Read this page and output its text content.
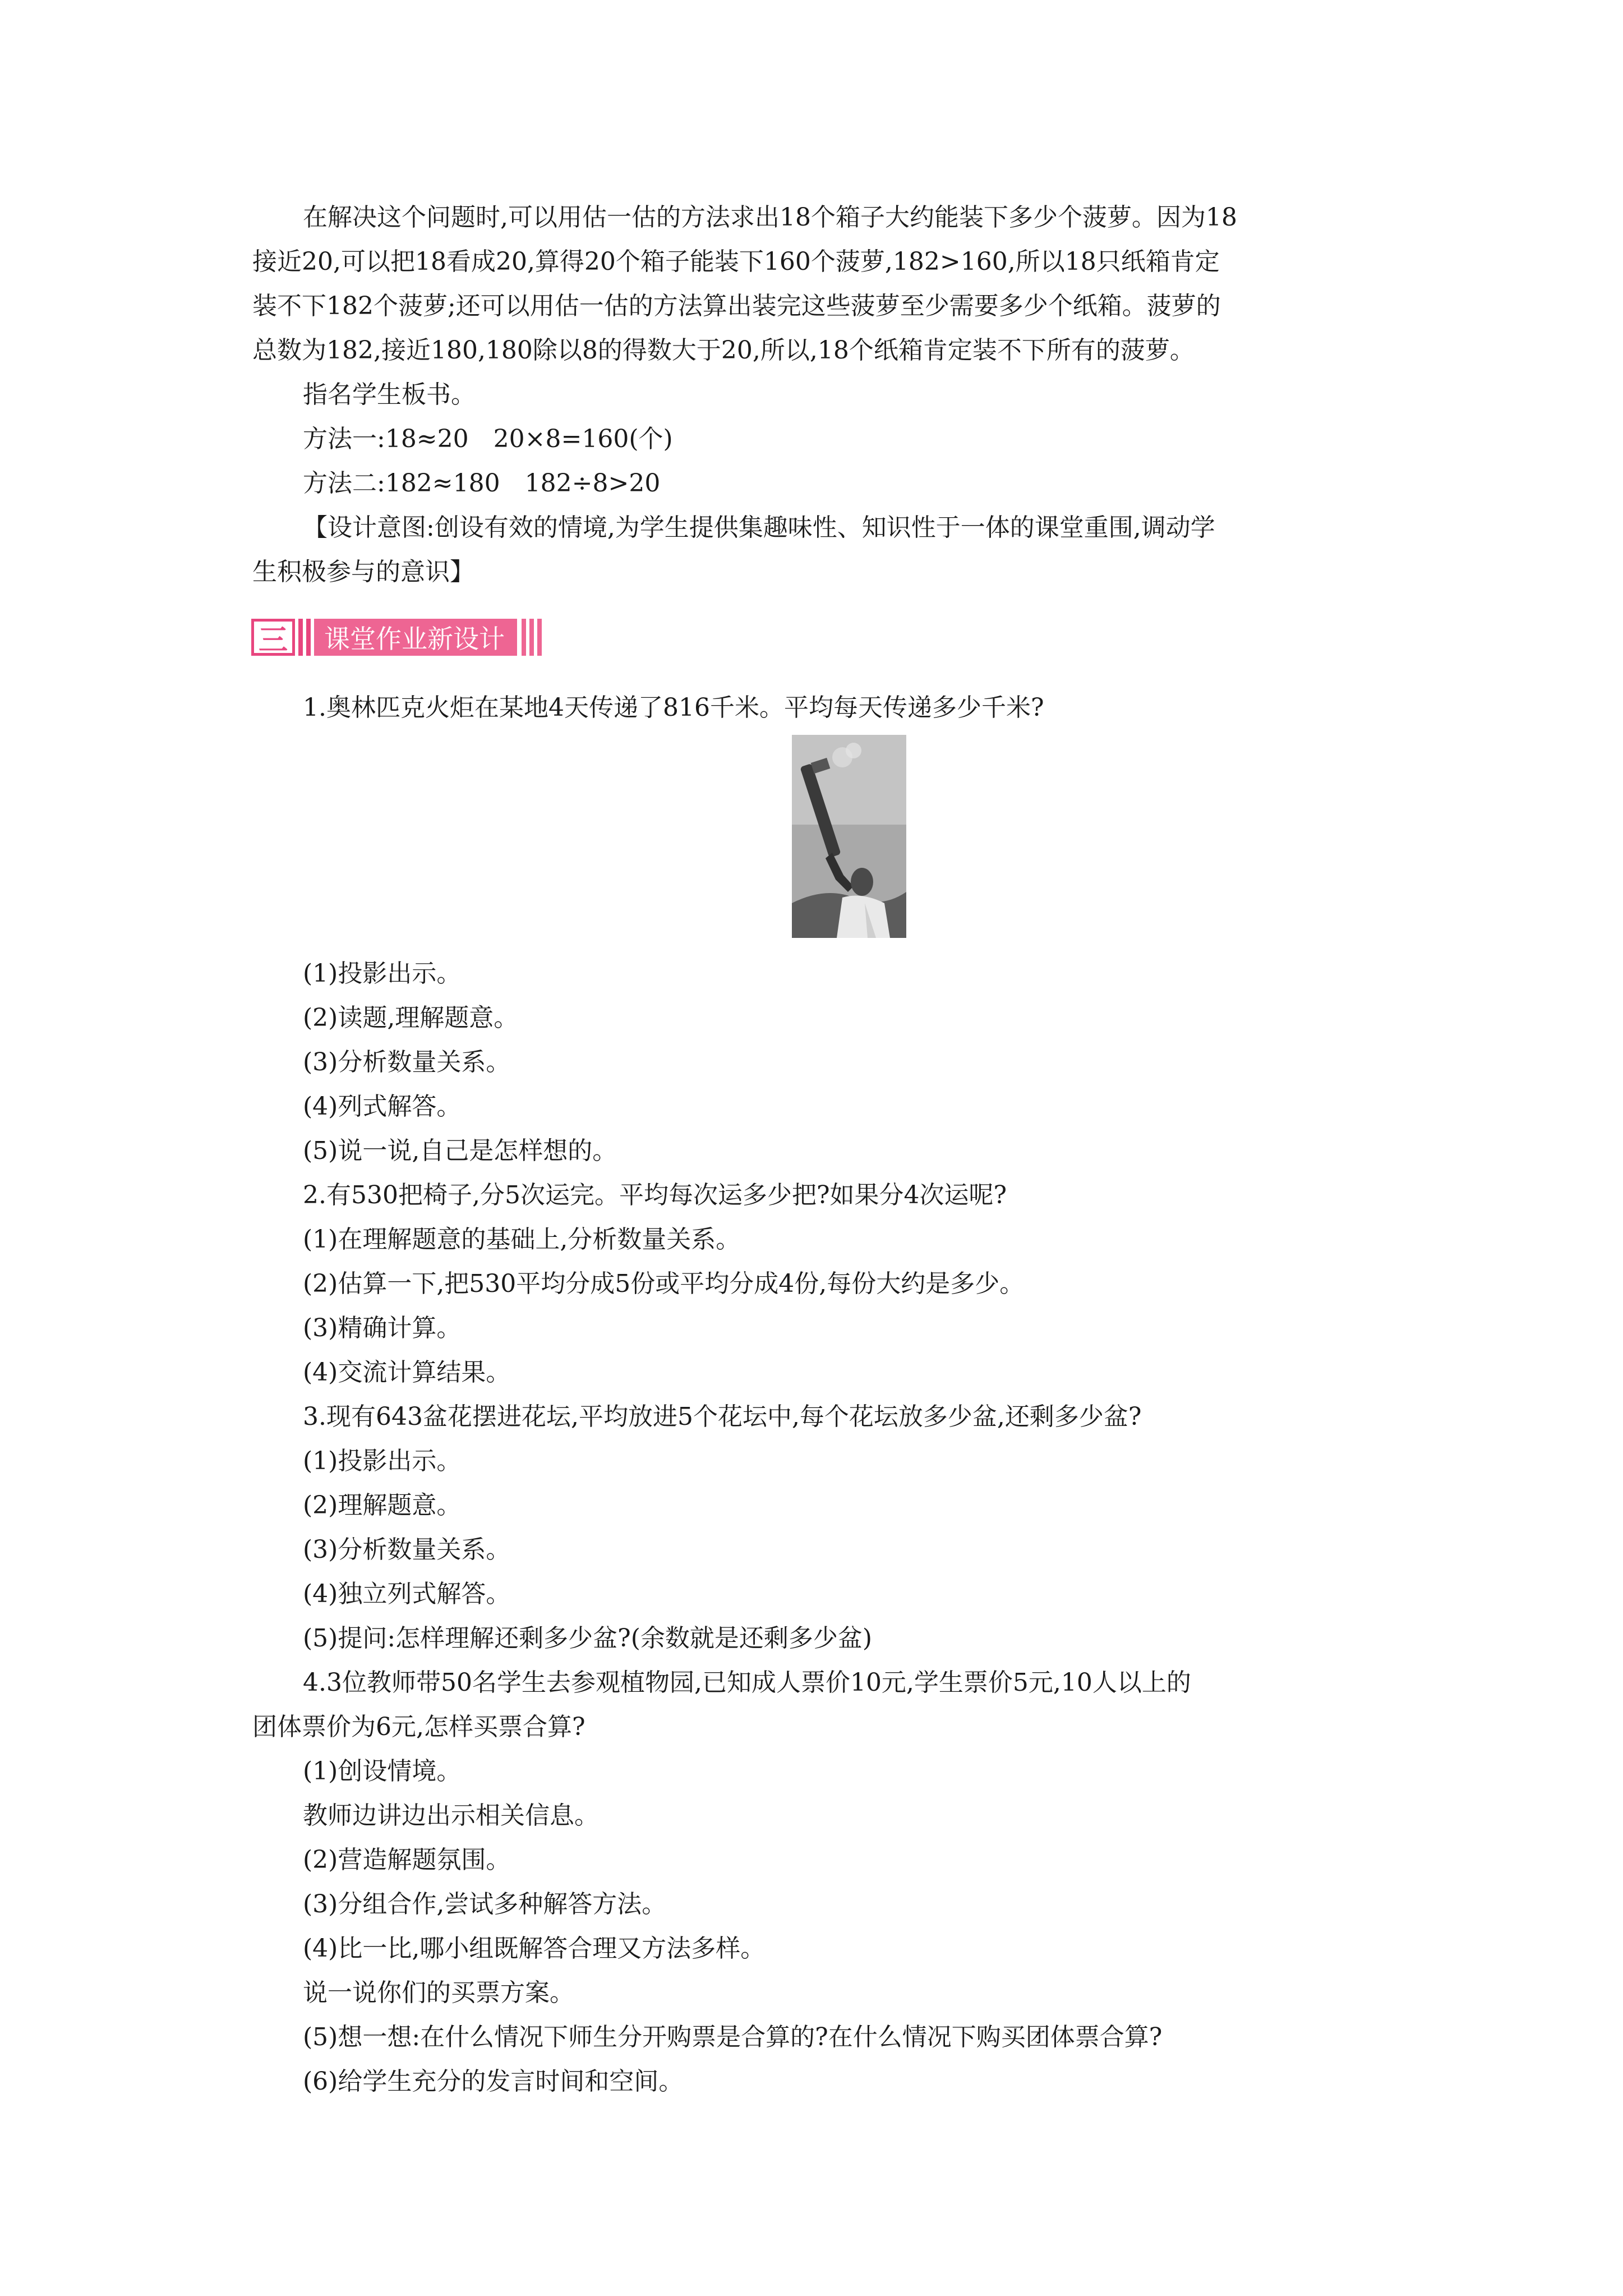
在解决这个问题时,可以用估一估的方法求出18个箱子大约能装下多少个菠萝。因为18

接近20,可以把18看成20,算得20个箱子能装下160个菠萝,182>160,所以18只纸箱肯定

装不下182个菠萝;还可以用估一估的方法算出装完这些菠萝至少需要多少个纸箱。菠萝的

总数为182,接近180,180除以8的得数大于20,所以,18个纸箱肯定装不下所有的菠萝。

指名学生板书。

方法一:18≈20　20×8=160(个)

方法二:182≈180　182÷8>20

【设计意图:创设有效的情境,为学生提供集趣味性、知识性于一体的课堂重围,调动学

生积极参与的意识】

三	课堂作业新设计

1.奥林匹克火炬在某地4天传递了816千米。平均每天传递多少千米?

(1)投影出示。

(2)读题,理解题意。

(3)分析数量关系。

(4)列式解答。

(5)说一说,自己是怎样想的。

2.有530把椅子,分5次运完。平均每次运多少把?如果分4次运呢?

(1)在理解题意的基础上,分析数量关系。

(2)估算一下,把530平均分成5份或平均分成4份,每份大约是多少。

(3)精确计算。

(4)交流计算结果。

3.现有643盆花摆进花坛,平均放进5个花坛中,每个花坛放多少盆,还剩多少盆?

(1)投影出示。

(2)理解题意。

(3)分析数量关系。

(4)独立列式解答。

(5)提问:怎样理解还剩多少盆?(余数就是还剩多少盆)

4.3位教师带50名学生去参观植物园,已知成人票价10元,学生票价5元,10人以上的

团体票价为6元,怎样买票合算?

(1)创设情境。

教师边讲边出示相关信息。

(2)营造解题氛围。

(3)分组合作,尝试多种解答方法。

(4)比一比,哪小组既解答合理又方法多样。

说一说你们的买票方案。

(5)想一想:在什么情况下师生分开购票是合算的?在什么情况下购买团体票合算?

(6)给学生充分的发言时间和空间。
